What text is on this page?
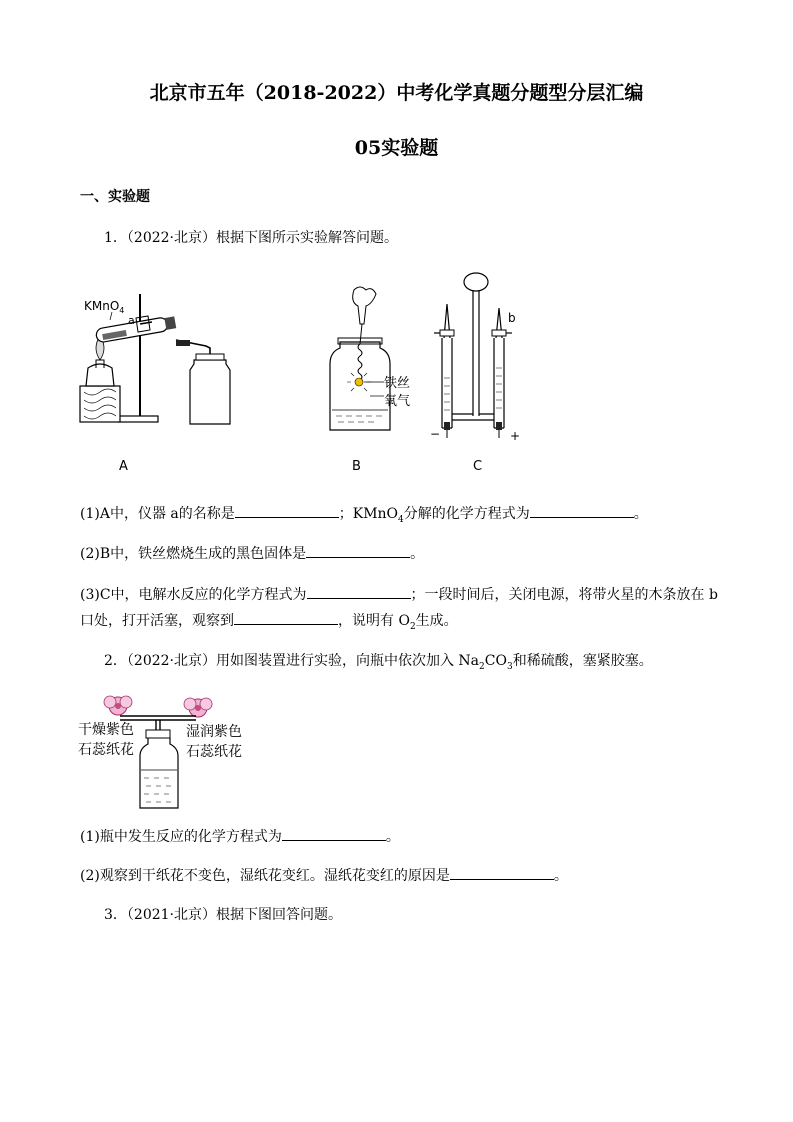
北京市五年（2018-2022）中考化学真题分题型分层汇编
05实验题
一、实验题
1．（2022·北京）根据下图所示实验解答问题。
KMnO$_4$
a
A
铁丝
氧气
B
−	+
b
C
(1)A中，仪器 a的名称是	；KMnO$_4$分解的化学方程式为	。
(2)B中，铁丝燃烧生成的黑色固体是	。
(3)C中，电解水反应的化学方程式为	；一段时间后，关闭电源，将带火星的木条放在 b
口处，打开活塞，观察到	，说明有 $O_2$生成。
2．（2022·北京）用如图装置进行实验，向瓶中依次加入 $Na_2CO_3$和稀硫酸，塞紧胶塞。
干燥紫色
石蕊纸花
湿润紫色
石蕊纸花
(1)瓶中发生反应的化学方程式为	。
(2)观察到干纸花不变色，湿纸花变红。湿纸花变红的原因是	。
3．（2021·北京）根据下图回答问题。
